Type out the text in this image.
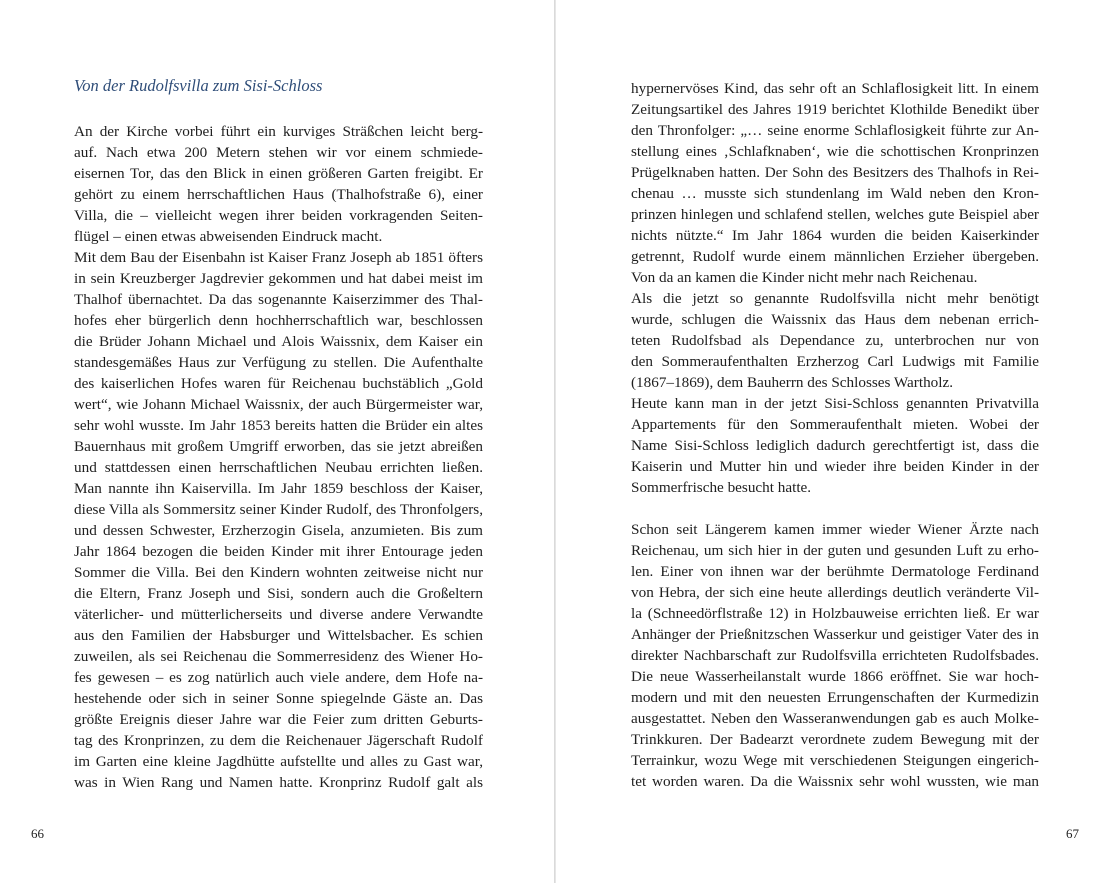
Von der Rudolfsvilla zum Sisi-Schloss
An der Kirche vorbei führt ein kurviges Sträßchen leicht berg-
auf. Nach etwa 200 Metern stehen wir vor einem schmiede-
eisernen Tor, das den Blick in einen größeren Garten freigibt. Er
gehört zu einem herrschaftlichen Haus (Thalhofstraße 6), einer
Villa, die – vielleicht wegen ihrer beiden vorkragenden Seiten-
flügel – einen etwas abweisenden Eindruck macht.
Mit dem Bau der Eisenbahn ist Kaiser Franz Joseph ab 1851 öfters
in sein Kreuzberger Jagdrevier gekommen und hat dabei meist im
Thalhof übernachtet. Da das sogenannte Kaiserzimmer des Thal-
hofes eher bürgerlich denn hochherrschaftlich war, beschlossen
die Brüder Johann Michael und Alois Waissnix, dem Kaiser ein
standesgemäßes Haus zur Verfügung zu stellen. Die Aufenthalte
des kaiserlichen Hofes waren für Reichenau buchstäblich „Gold
wert“, wie Johann Michael Waissnix, der auch Bürgermeister war,
sehr wohl wusste. Im Jahr 1853 bereits hatten die Brüder ein altes
Bauernhaus mit großem Umgriff erworben, das sie jetzt abreißen
und stattdessen einen herrschaftlichen Neubau errichten ließen.
Man nannte ihn Kaiservilla. Im Jahr 1859 beschloss der Kaiser,
diese Villa als Sommersitz seiner Kinder Rudolf, des Thronfolgers,
und dessen Schwester, Erzherzogin Gisela, anzumieten. Bis zum
Jahr 1864 bezogen die beiden Kinder mit ihrer Entourage jeden
Sommer die Villa. Bei den Kindern wohnten zeitweise nicht nur
die Eltern, Franz Joseph und Sisi, sondern auch die Großeltern
väterlicher- und mütterlicherseits und diverse andere Verwandte
aus den Familien der Habsburger und Wittelsbacher. Es schien
zuweilen, als sei Reichenau die Sommerresidenz des Wiener Ho-
fes gewesen – es zog natürlich auch viele andere, dem Hofe na-
hestehende oder sich in seiner Sonne spiegelnde Gäste an. Das
größte Ereignis dieser Jahre war die Feier zum dritten Geburts-
tag des Kronprinzen, zu dem die Reichenauer Jägerschaft Rudolf
im Garten eine kleine Jagdhütte aufstellte und alles zu Gast war,
was in Wien Rang und Namen hatte. Kronprinz Rudolf galt als
66
hypernervöses Kind, das sehr oft an Schlaflosigkeit litt. In einem
Zeitungsartikel des Jahres 1919 berichtet Klothilde Benedikt über
den Thronfolger: „… seine enorme Schlaflosigkeit führte zur An-
stellung eines ‚Schlafknaben‘, wie die schottischen Kronprinzen
Prügelknaben hatten. Der Sohn des Besitzers des Thalhofs in Rei-
chenau … musste sich stundenlang im Wald neben den Kron-
prinzen hinlegen und schlafend stellen, welches gute Beispiel aber
nichts nützte.“ Im Jahr 1864 wurden die beiden Kaiserkinder
getrennt, Rudolf wurde einem männlichen Erzieher übergeben.
Von da an kamen die Kinder nicht mehr nach Reichenau.
Als die jetzt so genannte Rudolfsvilla nicht mehr benötigt
wurde, schlugen die Waissnix das Haus dem nebenan errich-
teten Rudolfsbad als Dependance zu, unterbrochen nur von
den Sommeraufenthalten Erzherzog Carl Ludwigs mit Familie
(1867–1869), dem Bauherrn des Schlosses Wartholz.
Heute kann man in der jetzt Sisi-Schloss genannten Privatvilla
Appartements für den Sommeraufenthalt mieten. Wobei der
Name Sisi-Schloss lediglich dadurch gerechtfertigt ist, dass die
Kaiserin und Mutter hin und wieder ihre beiden Kinder in der
Sommerfrische besucht hatte.
Schon seit Längerem kamen immer wieder Wiener Ärzte nach
Reichenau, um sich hier in der guten und gesunden Luft zu erho-
len. Einer von ihnen war der berühmte Dermatologe Ferdinand
von Hebra, der sich eine heute allerdings deutlich veränderte Vil-
la (Schneedörflstraße 12) in Holzbauweise errichten ließ. Er war
Anhänger der Prießnitzschen Wasserkur und geistiger Vater des in
direkter Nachbarschaft zur Rudolfsvilla errichteten Rudolfsbades.
Die neue Wasserheilanstalt wurde 1866 eröffnet. Sie war hoch-
modern und mit den neuesten Errungenschaften der Kurmedizin
ausgestattet. Neben den Wasseranwendungen gab es auch Molke-
Trinkkuren. Der Badearzt verordnete zudem Bewegung mit der
Terrainkur, wozu Wege mit verschiedenen Steigungen eingerich-
tet worden waren. Da die Waissnix sehr wohl wussten, wie man
67
